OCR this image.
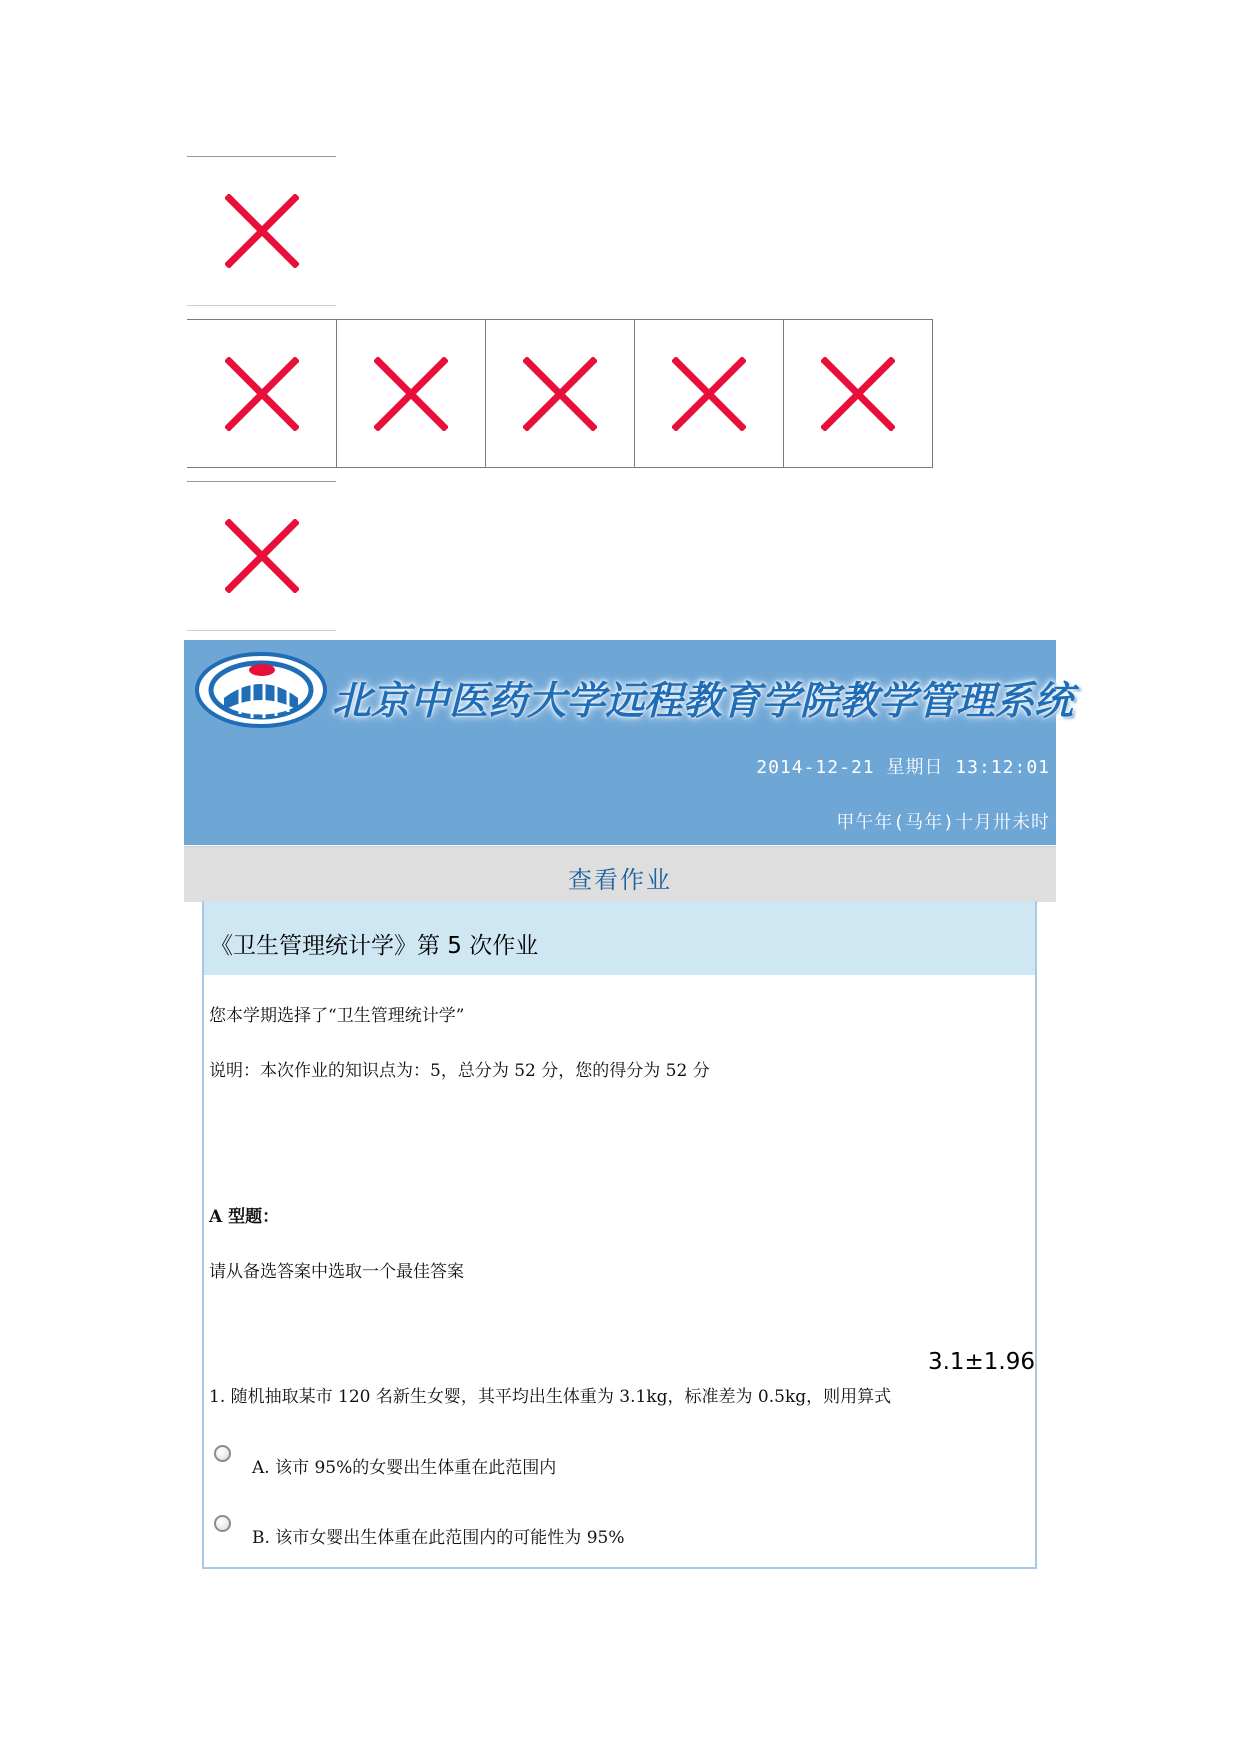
北京中医药大学远程教育学院教学管理系统
2014-12-21 星期日 13:12:01
甲午年(马年)十月卅未时
查看作业
《卫生管理统计学》第 5 次作业
您本学期选择了“卫生管理统计学”
说明：本次作业的知识点为：5，总分为 52 分，您的得分为 52 分
A 型题：
请从备选答案中选取一个最佳答案
3.1±1.96
1. 随机抽取某市 120 名新生女婴，其平均出生体重为 3.1kg，标准差为 0.5kg，则用算式
A. 该市 95%的女婴出生体重在此范围内
B. 该市女婴出生体重在此范围内的可能性为 95%
